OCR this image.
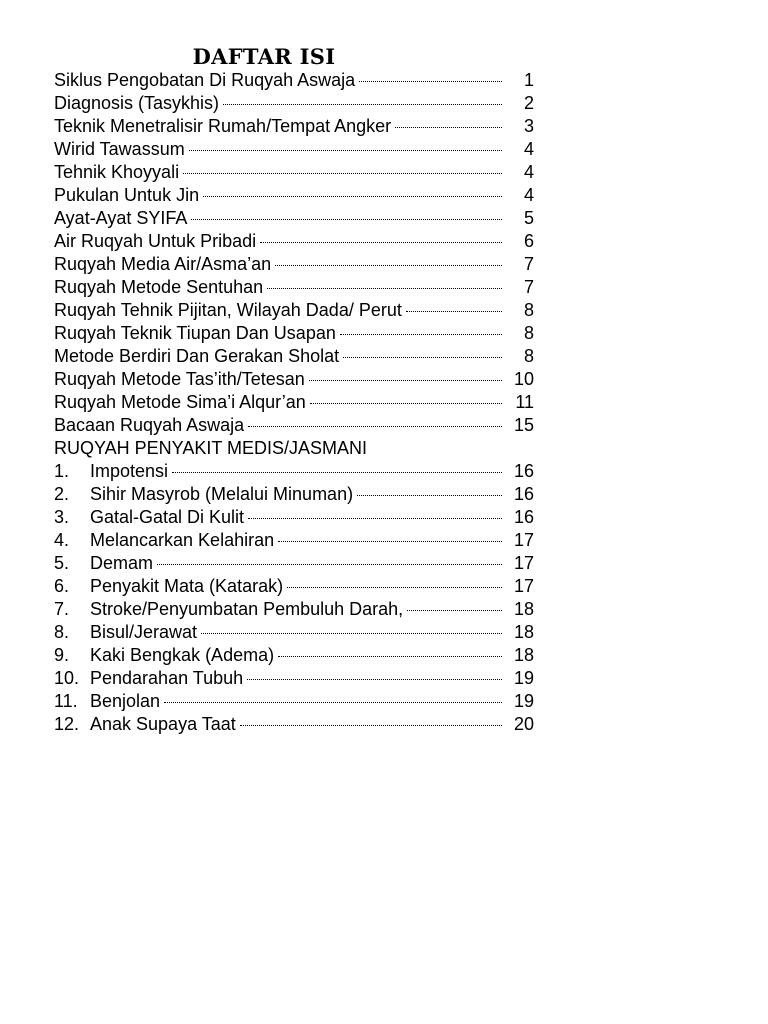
DAFTAR ISI
Siklus Pengobatan Di Ruqyah Aswaja	1
Diagnosis (Tasykhis)	2
Teknik Menetralisir Rumah/Tempat Angker	3
Wirid Tawassum	4
Tehnik Khoyyali	4
Pukulan Untuk Jin	4
Ayat-Ayat SYIFA	5
Air Ruqyah Untuk Pribadi	6
Ruqyah Media Air/Asma’an	7
Ruqyah Metode Sentuhan	7
Ruqyah Tehnik Pijitan, Wilayah Dada/ Perut	8
Ruqyah Teknik Tiupan Dan Usapan	8
Metode Berdiri Dan Gerakan Sholat	8
Ruqyah Metode Tas’ith/Tetesan	10
Ruqyah Metode Sima’i Alqur’an	11
Bacaan Ruqyah Aswaja	15
RUQYAH PENYAKIT MEDIS/JASMANI
1.	Impotensi	16
2.	Sihir Masyrob (Melalui Minuman)	16
3.	Gatal-Gatal Di Kulit	16
4.	Melancarkan Kelahiran	17
5.	Demam	17
6.	Penyakit Mata (Katarak)	17
7.	Stroke/Penyumbatan Pembuluh Darah,	18
8.	Bisul/Jerawat	18
9.	Kaki Bengkak (Adema)	18
10. Pendarahan Tubuh	19
11. Benjolan	19
12. Anak Supaya Taat	20
